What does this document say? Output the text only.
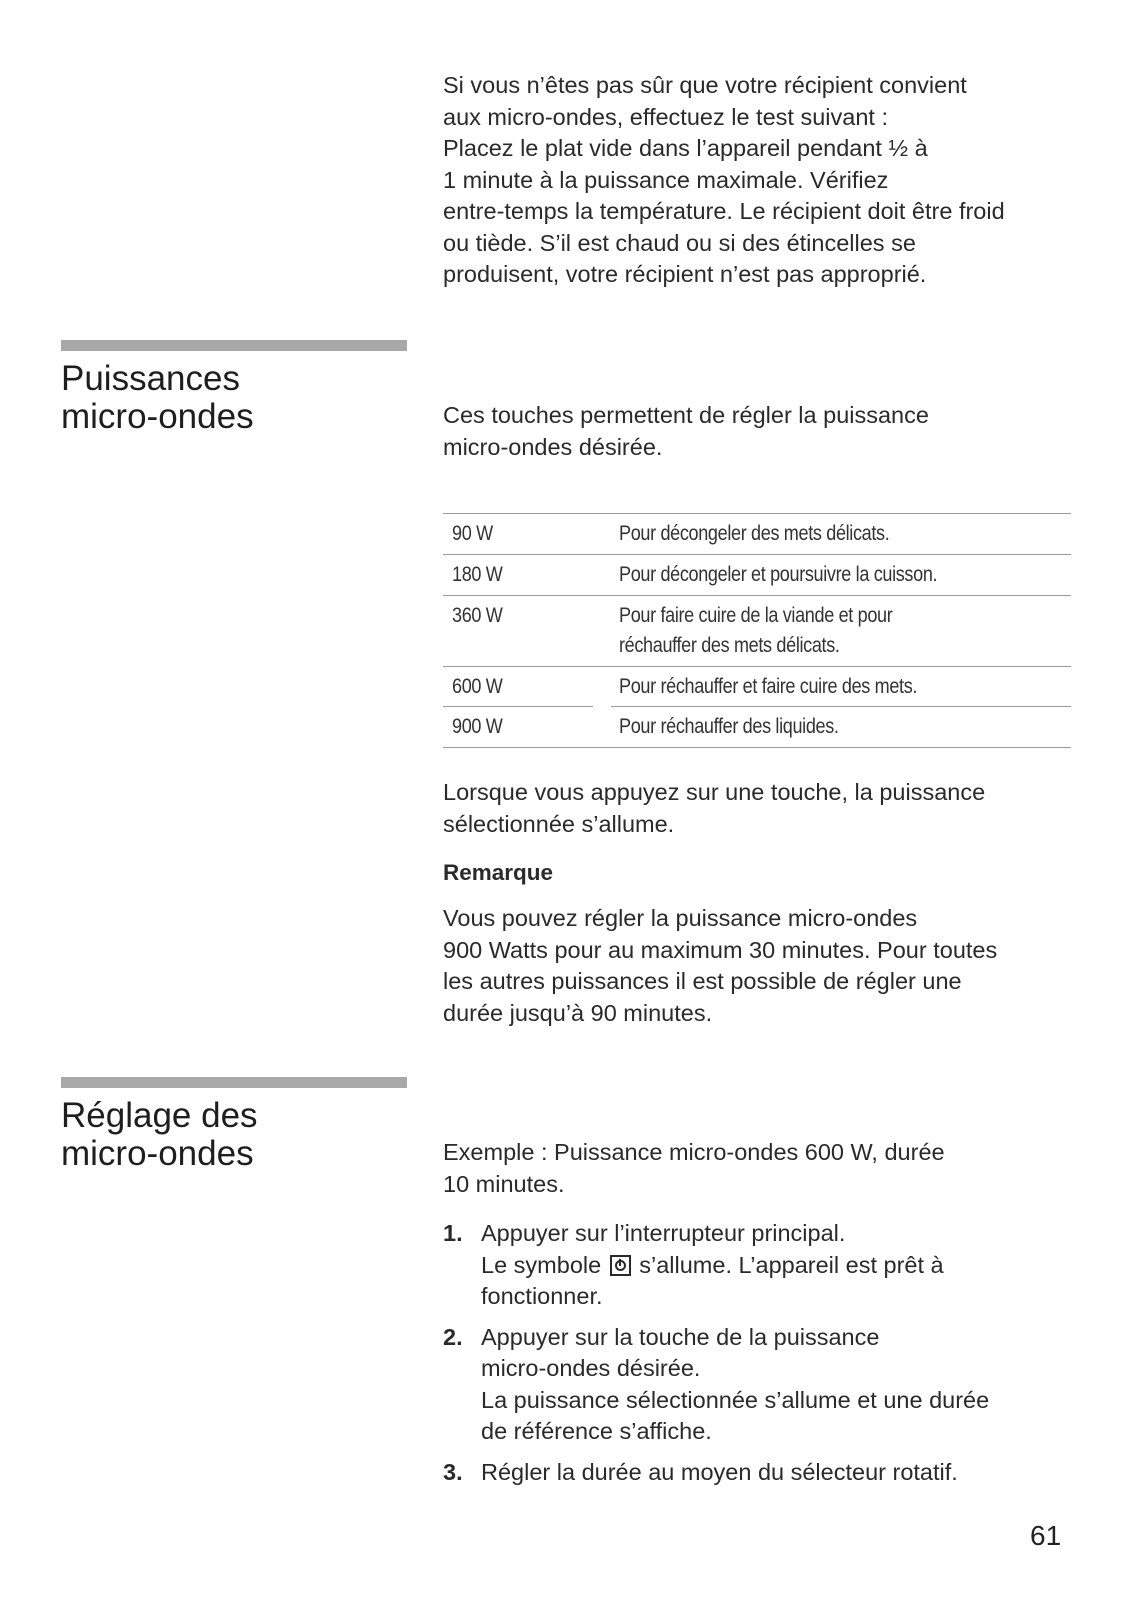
Si vous n’êtes pas sûr que votre récipient convient
aux micro-ondes, effectuez le test suivant :
Placez le plat vide dans l’appareil pendant ½ à
1 minute à la puissance maximale. Vérifiez
entre-temps la température. Le récipient doit être froid
ou tiède. S’il est chaud ou si des étincelles se
produisent, votre récipient n’est pas approprié.
Puissances
micro-ondes	Ces touches permettent de régler la puissance
micro-ondes désirée.
90 W	Pour décongeler des mets délicats.
180 W	Pour décongeler et poursuivre la cuisson.
360 W	Pour faire cuire de la viande et pour
réchauffer des mets délicats.
600 W	Pour réchauffer et faire cuire des mets.
900 W	Pour réchauffer des liquides.
Lorsque vous appuyez sur une touche, la puissance
sélectionnée s’allume.
Remarque
Vous pouvez régler la puissance micro-ondes
900 Watts pour au maximum 30 minutes. Pour toutes
les autres puissances il est possible de régler une
durée jusqu’à 90 minutes.
Réglage des
micro-ondes	Exemple : Puissance micro-ondes 600 W, durée
10 minutes.
1. Appuyer sur l’interrupteur principal.
Le symbole s’allume. L’appareil est prêt à
fonctionner.
2. Appuyer sur la touche de la puissance
micro-ondes désirée.
La puissance sélectionnée s’allume et une durée
de référence s’affiche.
3. Régler la durée au moyen du sélecteur rotatif.
61
